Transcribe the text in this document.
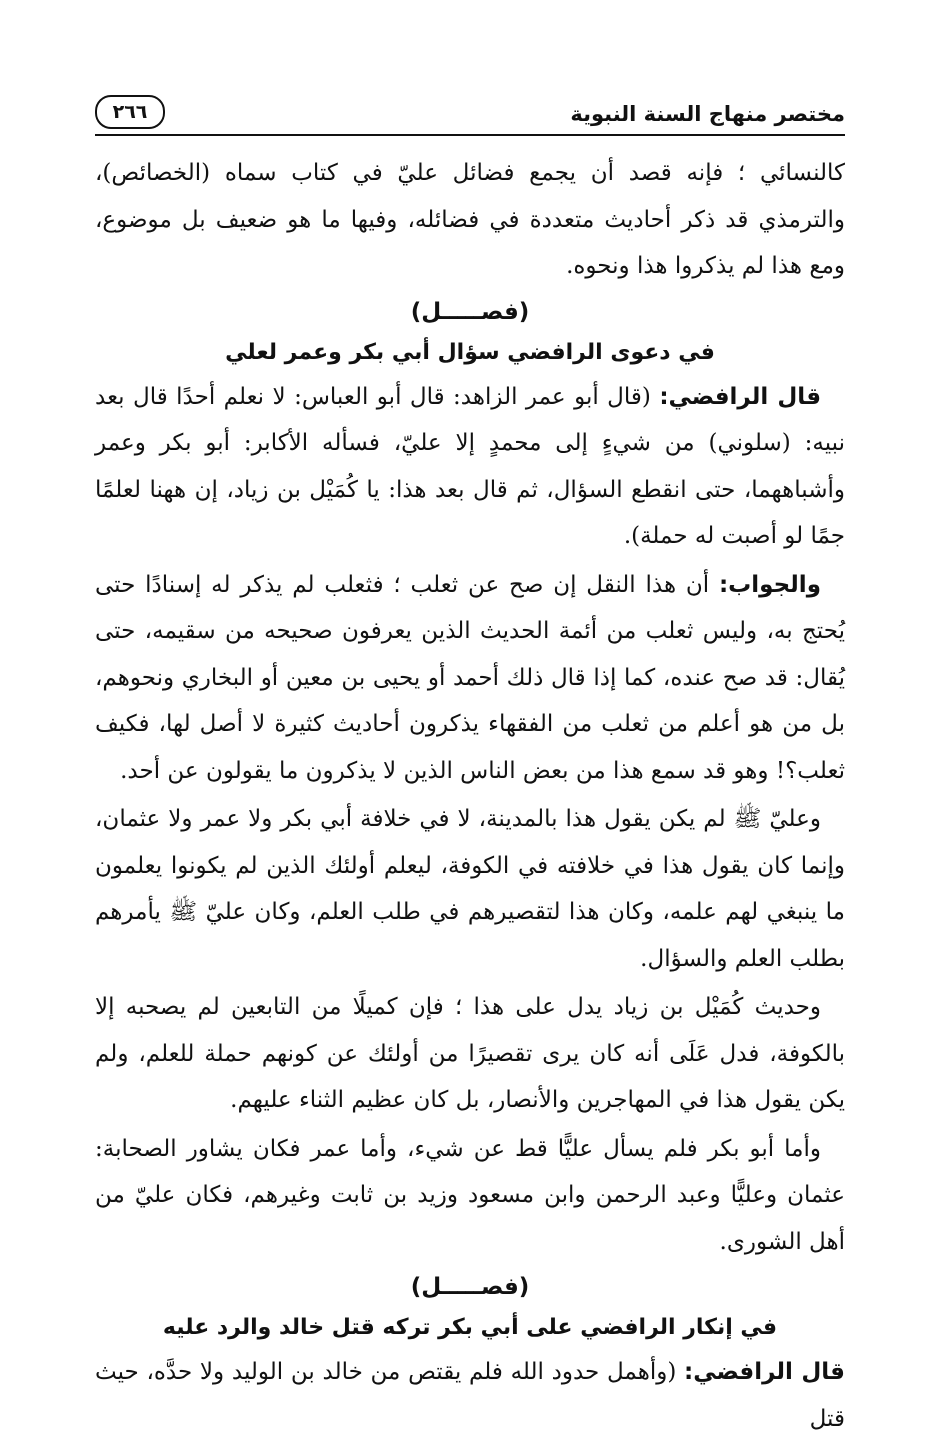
مختصر منهاج السنة النبوية
٢٦٦

كالنسائي ؛ فإنه قصد أن يجمع فضائل عليّ في كتاب سماه (الخصائص)، والترمذي قد ذكر أحاديث متعددة في فضائله، وفيها ما هو ضعيف بل موضوع، ومع هذا لم يذكروا هذا ونحوه.

(فصـــــل)

في دعوى الرافضي سؤال أبي بكر وعمر لعلي

قال الرافضي: (قال أبو عمر الزاهد: قال أبو العباس: لا نعلم أحدًا قال بعد نبيه: (سلوني) من شيءٍ إلى محمدٍ إلا عليّ، فسأله الأكابر: أبو بكر وعمر وأشباههما، حتى انقطع السؤال، ثم قال بعد هذا: يا كُمَيْل بن زياد، إن ههنا لعلمًا جمًا لو أصبت له حملة).

والجواب: أن هذا النقل إن صح عن ثعلب ؛ فثعلب لم يذكر له إسنادًا حتى يُحتج به، وليس ثعلب من أئمة الحديث الذين يعرفون صحيحه من سقيمه، حتى يُقال: قد صح عنده، كما إذا قال ذلك أحمد أو يحيى بن معين أو البخاري ونحوهم، بل من هو أعلم من ثعلب من الفقهاء يذكرون أحاديث كثيرة لا أصل لها، فكيف ثعلب؟! وهو قد سمع هذا من بعض الناس الذين لا يذكرون ما يقولون عن أحد.

وعليّ ﷺ لم يكن يقول هذا بالمدينة، لا في خلافة أبي بكر ولا عمر ولا عثمان، وإنما كان يقول هذا في خلافته في الكوفة، ليعلم أولئك الذين لم يكونوا يعلمون ما ينبغي لهم علمه، وكان هذا لتقصيرهم في طلب العلم، وكان عليّ ﷺ يأمرهم بطلب العلم والسؤال.

وحديث كُمَيْل بن زياد يدل على هذا ؛ فإن كميلًا من التابعين لم يصحبه إلا بالكوفة، فدل عَلَى أنه كان يرى تقصيرًا من أولئك عن كونهم حملة للعلم، ولم يكن يقول هذا في المهاجرين والأنصار، بل كان عظيم الثناء عليهم.

وأما أبو بكر فلم يسأل عليًّا قط عن شيء، وأما عمر فكان يشاور الصحابة: عثمان وعليًّا وعبد الرحمن وابن مسعود وزيد بن ثابت وغيرهم، فكان عليّ من أهل الشورى.

(فصـــــل)

في إنكار الرافضي على أبي بكر تركه قتل خالد والرد عليه

قال الرافضي: (وأهمل حدود الله فلم يقتص من خالد بن الوليد ولا حدَّه، حيث قتل
